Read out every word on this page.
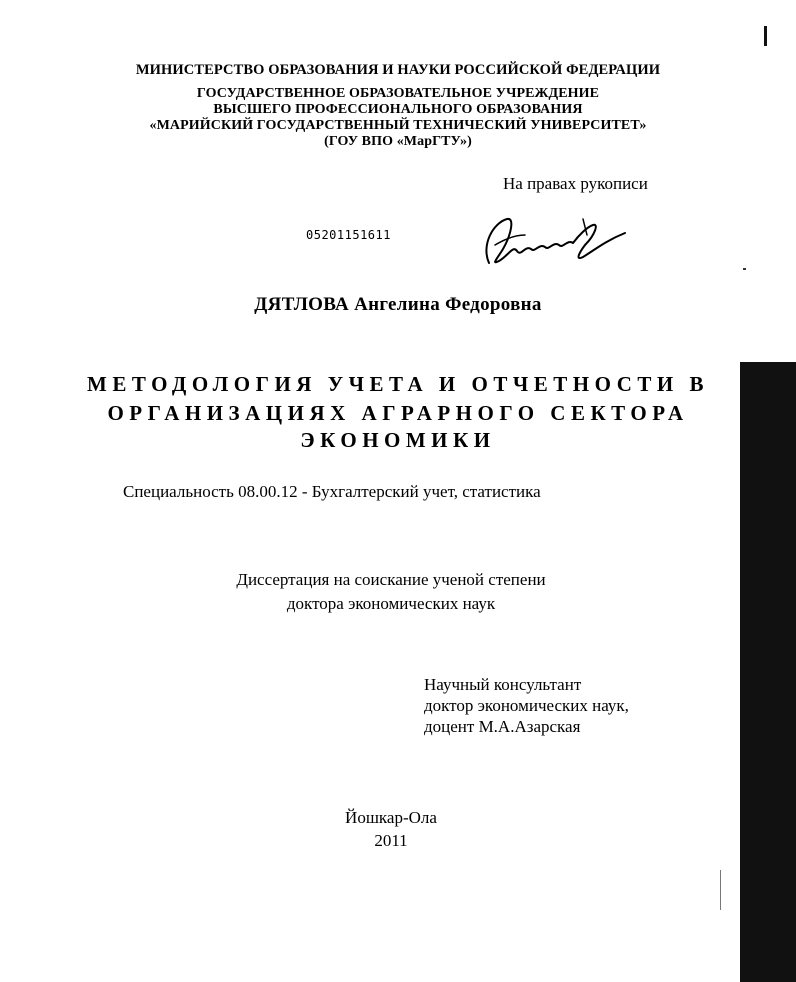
МИНИСТЕРСТВО ОБРАЗОВАНИЯ И НАУКИ РОССИЙСКОЙ ФЕДЕРАЦИИ
ГОСУДАРСТВЕННОЕ ОБРАЗОВАТЕЛЬНОЕ УЧРЕЖДЕНИЕ
ВЫСШЕГО ПРОФЕССИОНАЛЬНОГО ОБРАЗОВАНИЯ
«МАРИЙСКИЙ ГОСУДАРСТВЕННЫЙ ТЕХНИЧЕСКИЙ УНИВЕРСИТЕТ»
(ГОУ ВПО «МарГТУ»)
На правах рукописи
05201151611
ДЯТЛОВА Ангелина Федоровна
МЕТОДОЛОГИЯ УЧЕТА И ОТЧЕТНОСТИ В
ОРГАНИЗАЦИЯХ АГРАРНОГО СЕКТОРА
ЭКОНОМИКИ
Специальность 08.00.12 - Бухгалтерский учет, статистика
Диссертация на соискание ученой степени
доктора экономических наук
Научный консультант
доктор экономических наук,
доцент М.А.Азарская
Йошкар-Ола
2011
